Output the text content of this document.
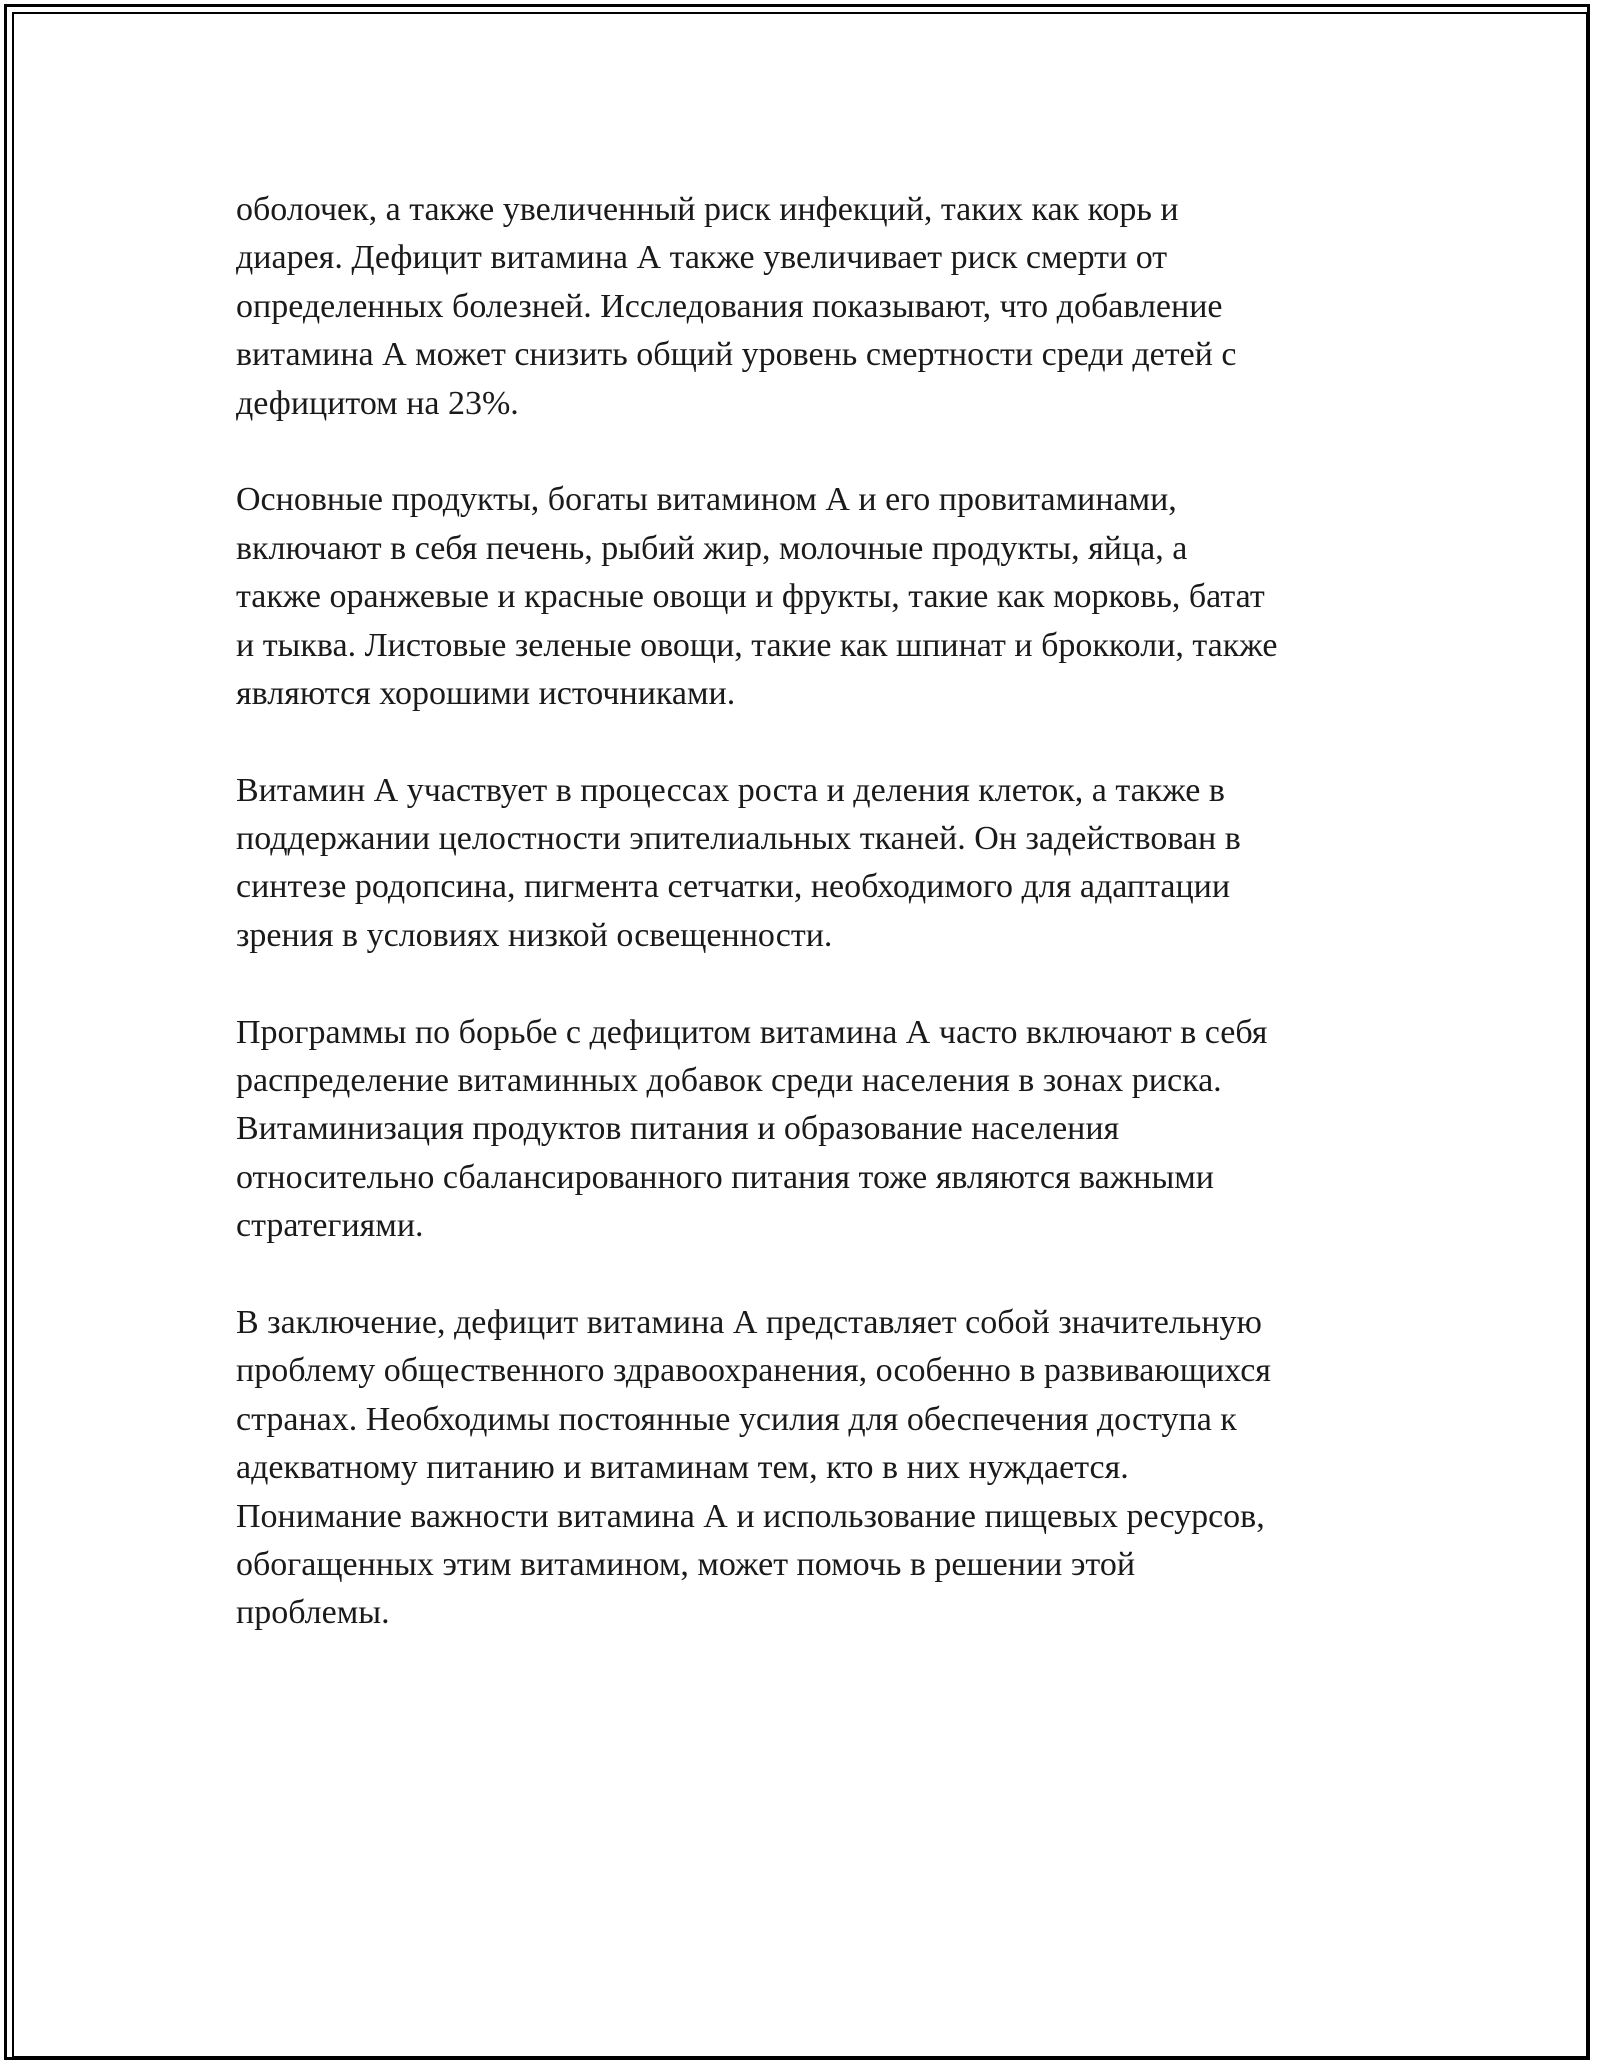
оболочек, а также увеличенный риск инфекций, таких как корь и
диарея. Дефицит витамина А также увеличивает риск смерти от
определенных болезней. Исследования показывают, что добавление
витамина А может снизить общий уровень смертности среди детей с
дефицитом на 23%.

Основные продукты, богаты витамином А и его провитаминами,
включают в себя печень, рыбий жир, молочные продукты, яйца, а
также оранжевые и красные овощи и фрукты, такие как морковь, батат
и тыква. Листовые зеленые овощи, такие как шпинат и брокколи, также
являются хорошими источниками.

Витамин А участвует в процессах роста и деления клеток, а также в
поддержании целостности эпителиальных тканей. Он задействован в
синтезе родопсина, пигмента сетчатки, необходимого для адаптации
зрения в условиях низкой освещенности.

Программы по борьбе с дефицитом витамина А часто включают в себя
распределение витаминных добавок среди населения в зонах риска.
Витаминизация продуктов питания и образование населения
относительно сбалансированного питания тоже являются важными
стратегиями.

В заключение, дефицит витамина А представляет собой значительную
проблему общественного здравоохранения, особенно в развивающихся
странах. Необходимы постоянные усилия для обеспечения доступа к
адекватному питанию и витаминам тем, кто в них нуждается.
Понимание важности витамина А и использование пищевых ресурсов,
обогащенных этим витамином, может помочь в решении этой
проблемы.
